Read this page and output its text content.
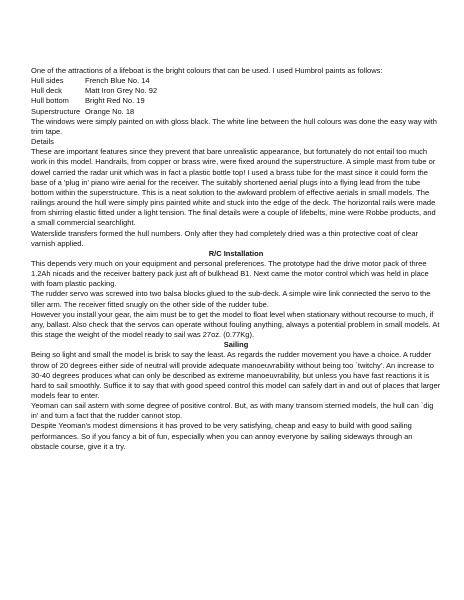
One of the attractions of a lifeboat is the bright colours that can be used. I used Humbrol paints as follows:

Hull sides	French Blue No. 14
Hull deck	Matt Iron Grey No. 92
Hull bottom	Bright Red No. 19
Superstructure Orange No. 18

The windows were simply painted on with gloss black. The white line between the hull colours was done the easy way with trim tape.

Details

These are important features since they prevent that bare unrealistic appearance, but fortunately do not entail too much work in this model. Handrails, from copper or brass wire, were fixed around the superstructure. A simple mast from tube or dowel carried the radar unit which was in fact a plastic bottle top! I used a brass tube for the mast since it could form the base of a 'plug in' piano wire aerial for the receiver. The suitably shortened aerial plugs into a flying lead from the tube bottom within the superstructure. This is a neat solution to the awkward problem of effective aerials in small models. The railings around the hull were simply pins painted white and stuck into the edge of the deck. The horizontal rails were made from shirring elastic fitted under a light tension. The final details were a couple of lifebelts, mine were Robbe products, and a small commercial searchlight.

Waterslide transfers formed the hull numbers. Only after they had completely dried was a thin protective coat of clear varnish applied.

R/C Installation

This depends very much on your equipment and personal preferences. The prototype had the drive motor pack of three 1.2Ah nicads and the receiver battery pack just aft of bulkhead B1. Next came the motor control which was held in place with foam plastic packing.

The rudder servo was screwed into two balsa blocks glued to the sub-deck. A simple wire link connected the servo to the tiller arm. The receiver fitted snugly on the other side of the rudder tube.

However you install your gear, the aim must be to get the model to float level when stationary without recourse to much, if any, ballast. Also check that the servos can operate without fouling anything, always a potential problem in small models. At this stage the weight of the model ready to sail was 27oz. (0.77Kg).

Sailing

Being so light and small the model is brisk to say the least. As regards the rudder movement you have a choice. A rudder throw of 20 degrees either side of neutral will provide adequate manoeuvrability without being too `twitchy'. An increase to 30-40 degrees produces what can only be described as extreme manoeuvrability, but unless you have fast reactions it is hard to sail smoothly. Suffice it to say that with good speed control this model can safely dart in and out of places that larger models fear to enter.

Yeoman can sail astern with some degree of positive control. But, as with many transom sterned models, the hull can `dig in' and turn a fact that the rudder cannot stop.

Despite Yeoman's modest dimensions it has proved to be very satisfying, cheap and easy to build with good sailing performances. So if you fancy a bit of fun, especially when you can annoy everyone by sailing sideways through an obstacle course, give it a try.
